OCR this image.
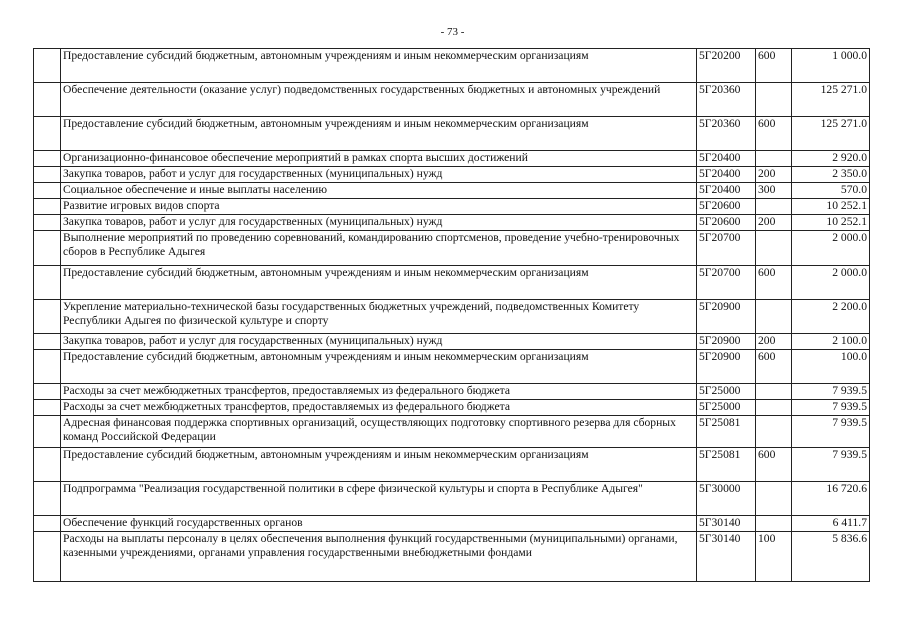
- 73 -
	Предоставление субсидий бюджетным, автономным учреждениям и иным некоммерческим организациям	5Г20200	600	1 000.0
	Обеспечение деятельности (оказание услуг) подведомственных государственных бюджетных и автономных учреждений	5Г20360		125 271.0
	Предоставление субсидий бюджетным, автономным учреждениям и иным некоммерческим организациям	5Г20360	600	125 271.0
	Организационно-финансовое обеспечение мероприятий в рамках спорта высших достижений	5Г20400		2 920.0
	Закупка товаров, работ и услуг для государственных (муниципальных) нужд	5Г20400	200	2 350.0
	Социальное обеспечение и иные выплаты населению	5Г20400	300	570.0
	Развитие игровых видов спорта	5Г20600		10 252.1
	Закупка товаров, работ и услуг для государственных (муниципальных) нужд	5Г20600	200	10 252.1
	Выполнение мероприятий по проведению соревнований, командированию спортсменов, проведение учебно-тренировочных сборов в Республике Адыгея	5Г20700		2 000.0
	Предоставление субсидий бюджетным, автономным учреждениям и иным некоммерческим организациям	5Г20700	600	2 000.0
	Укрепление материально-технической базы государственных бюджетных учреждений, подведомственных Комитету Республики Адыгея по физической культуре и спорту	5Г20900		2 200.0
	Закупка товаров, работ и услуг для государственных (муниципальных) нужд	5Г20900	200	2 100.0
	Предоставление субсидий бюджетным, автономным учреждениям и иным некоммерческим организациям	5Г20900	600	100.0
	Расходы за счет межбюджетных трансфертов, предоставляемых из федерального бюджета	5Г25000		7 939.5
	Расходы за счет межбюджетных трансфертов, предоставляемых из федерального бюджета	5Г25000		7 939.5
	Адресная финансовая поддержка спортивных организаций, осуществляющих подготовку спортивного резерва для сборных команд Российской Федерации	5Г25081		7 939.5
	Предоставление субсидий бюджетным, автономным учреждениям и иным некоммерческим организациям	5Г25081	600	7 939.5
	Подпрограмма "Реализация государственной политики в сфере физической культуры и спорта в Республике Адыгея"	5Г30000		16 720.6
	Обеспечение функций государственных органов	5Г30140		6 411.7
	Расходы на выплаты персоналу в целях обеспечения выполнения функций государственными (муниципальными) органами, казенными учреждениями, органами управления государственными внебюджетными фондами	5Г30140	100	5 836.6
